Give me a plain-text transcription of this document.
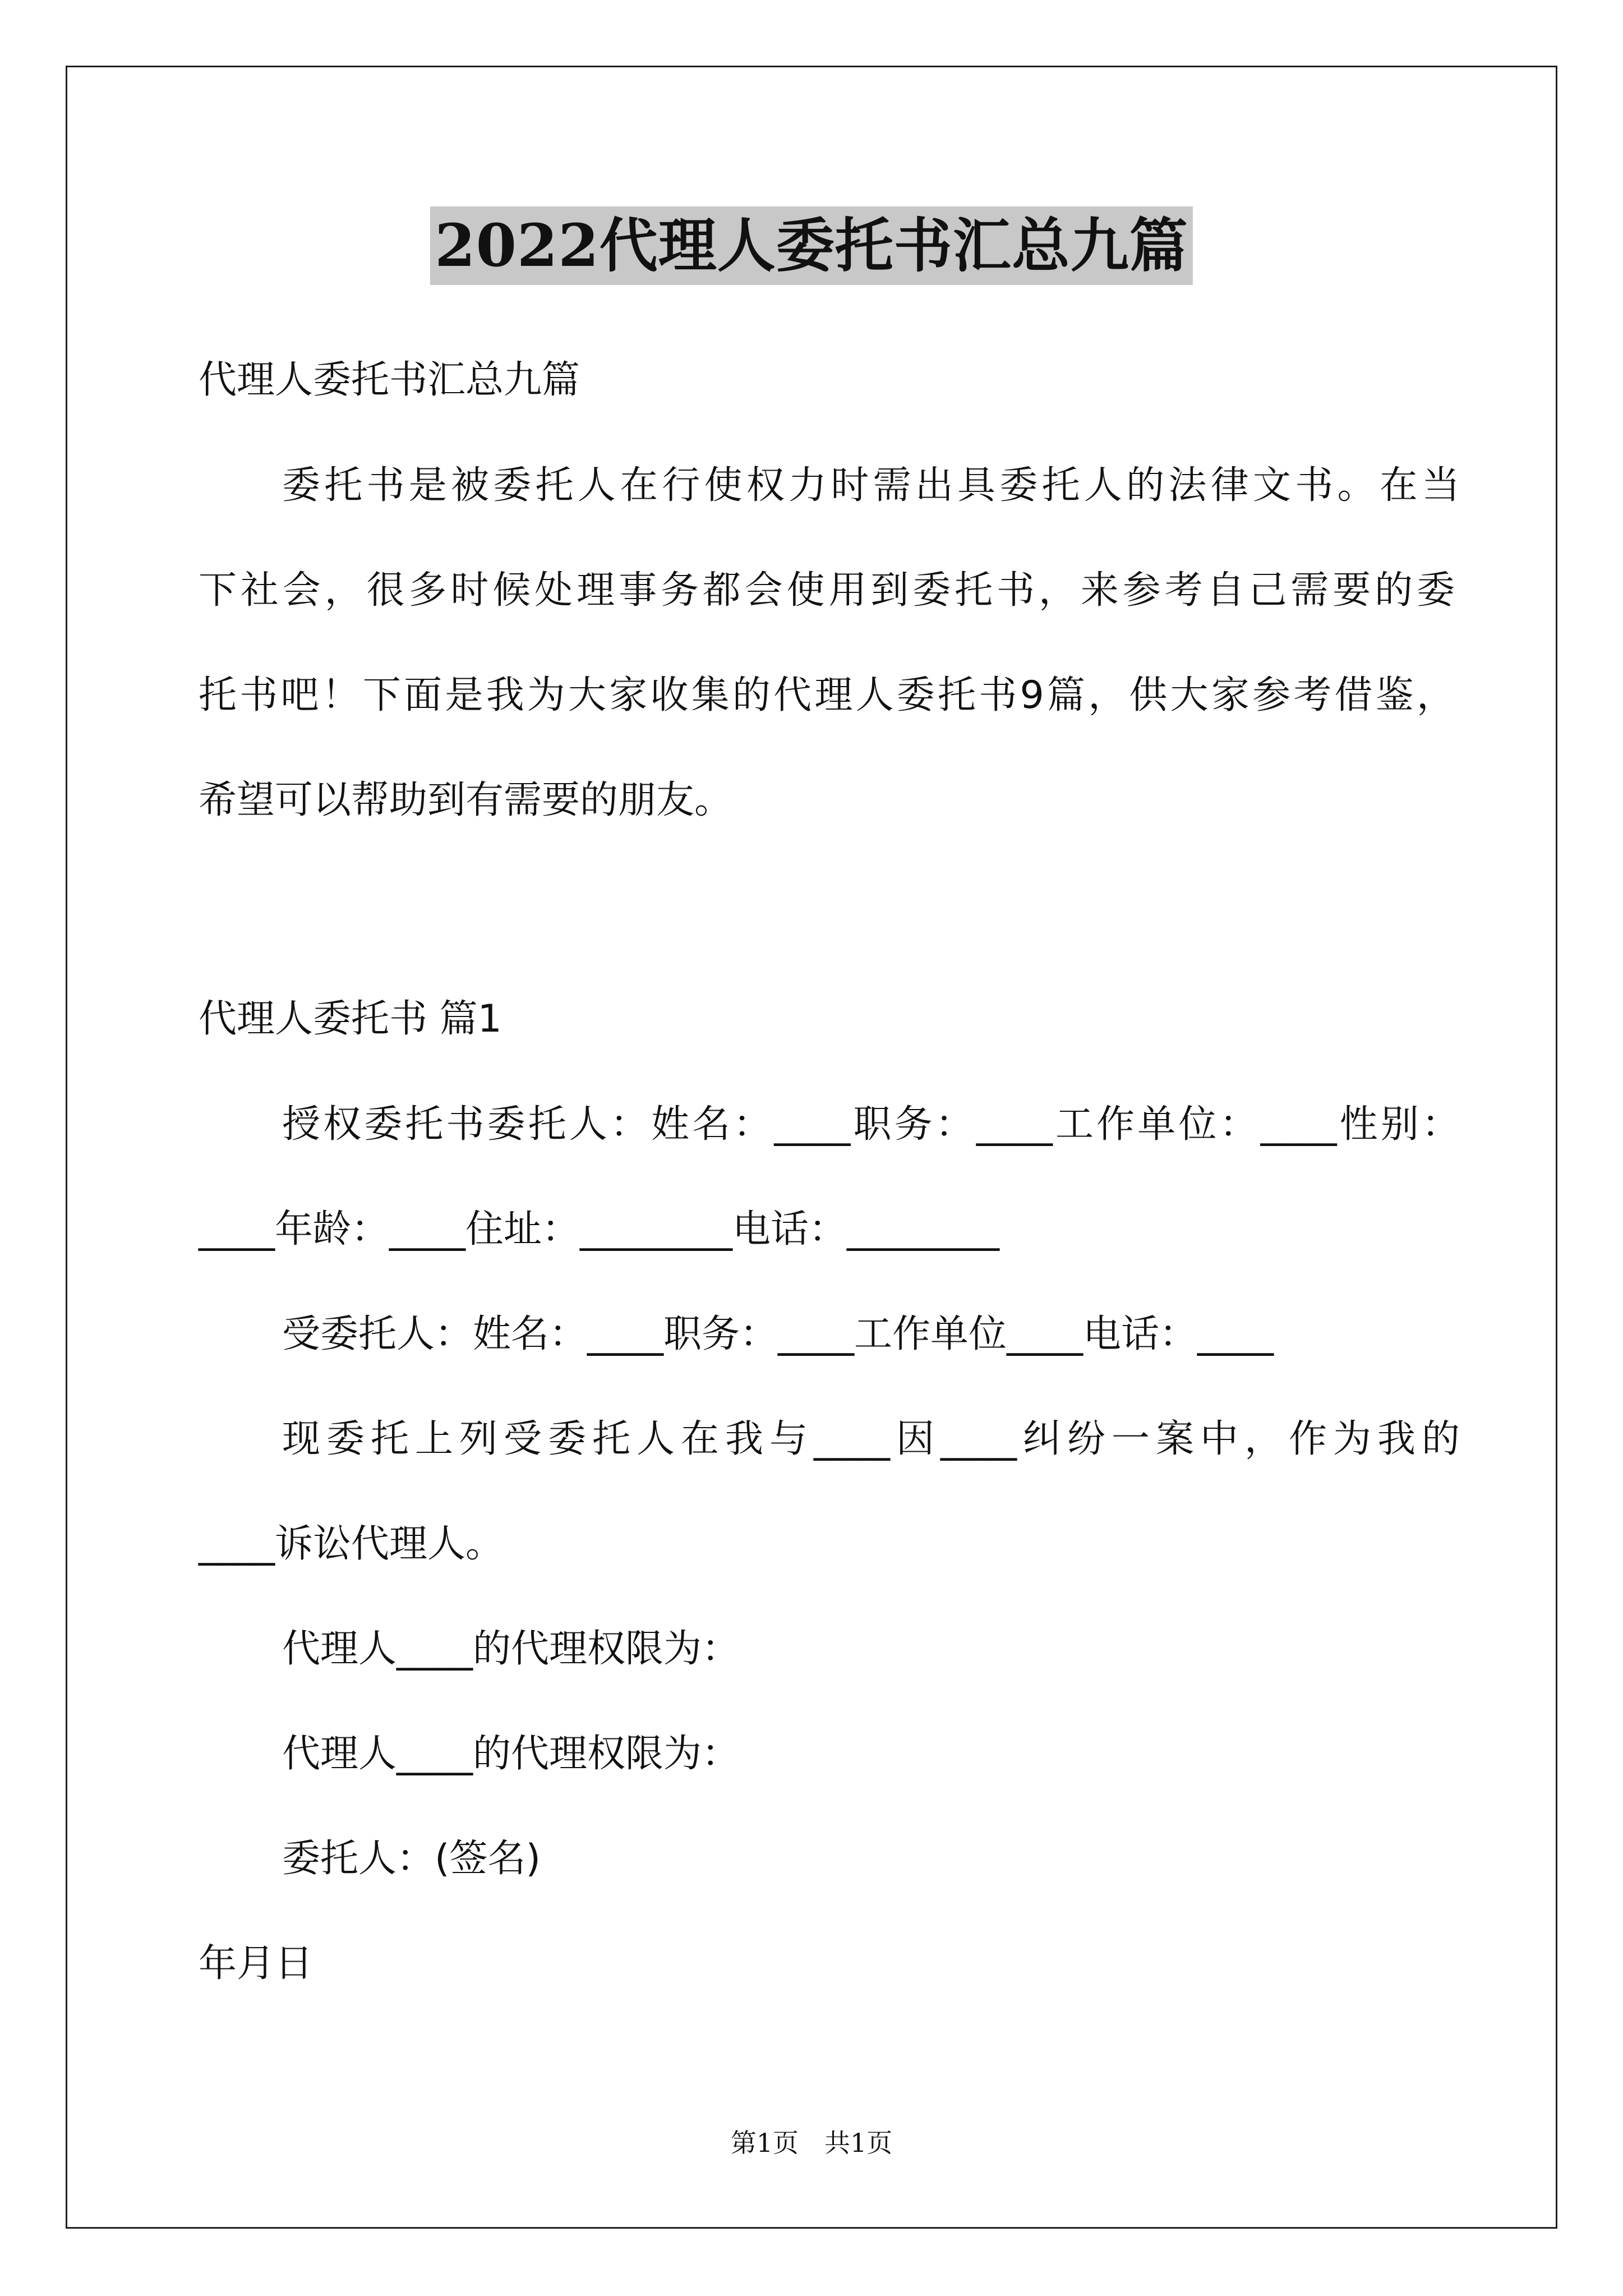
2022代理人委托书汇总九篇
代理人委托书汇总九篇
委托书是被委托人在行使权力时需出具委托人的法律文书。在当
下社会，很多时候处理事务都会使用到委托书，来参考自己需要的委
托书吧！下面是我为大家收集的代理人委托书9篇，供大家参考借鉴，
希望可以帮助到有需要的朋友。
代理人委托书 篇1
授权委托书委托人：姓名：____职务：____工作单位：____性别：
____年龄：____住址：________电话：________
受委托人：姓名：____职务：____工作单位____电话：____
现委托上列受委托人在我与____因____纠纷一案中，作为我的
____诉讼代理人。
代理人____的代理权限为：
代理人____的代理权限为：
委托人：(签名)
年月日
第1页　共1页
